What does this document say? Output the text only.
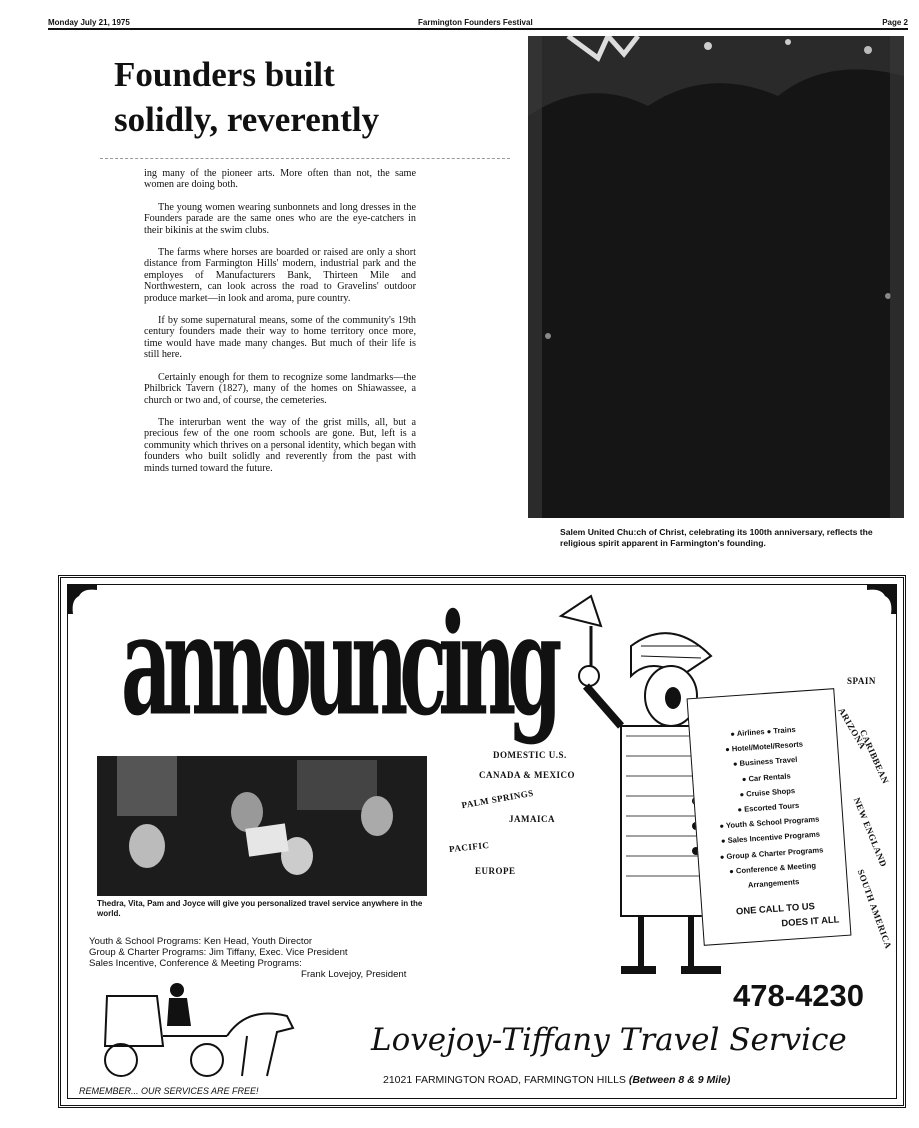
Monday July 21, 1975	Farmington Founders Festival	Page 2
Founders built
solidly, reverently

ing many of the pioneer arts. More often than not, the same women are doing both.

The young women wearing sunbonnets and long dresses in the Founders parade are the same ones who are the eye-catchers in their bikinis at the swim clubs.

The farms where horses are boarded or raised are only a short distance from Farmington Hills' modern, industrial park and the employes of Manufacturers Bank, Thirteen Mile and Northwestern, can look across the road to Gravelins' outdoor produce market—in look and aroma, pure country.

If by some supernatural means, some of the community's 19th century founders made their way to home territory once more, time would have made many changes. But much of their life is still here.

Certainly enough for them to recognize some landmarks—the Philbrick Tavern (1827), many of the homes on Shiawassee, a church or two and, of course, the cemeteries.

The interurban went the way of the grist mills, all, but a precious few of the one room schools are gone. But, left is a community which thrives on a personal identity, which began with founders who built solidly and reverently from the past with minds turned toward the future.

Salem United Chu:ch of Christ, celebrating its 100th anniversary, reflects the religious spirit apparent in Farmington's founding.
announcing
Thedra, Vita, Pam and Joyce will give you personalized travel service anywhere in the world.
Youth & School Programs: Ken Head, Youth Director
Group & Charter Programs: Jim Tiffany, Exec. Vice President
Sales Incentive, Conference & Meeting Programs:
Frank Lovejoy, President
DOMESTIC U.S.
CANADA & MEXICO
PALM SPRINGS
JAMAICA
PACIFIC
EUROPE
● Airlines ● Trains
● Hotel/Motel/Resorts
● Business Travel
● Car Rentals
● Cruise Shops
● Escorted Tours
● Youth & School Programs
● Sales Incentive Programs
● Group & Charter Programs
● Conference & Meeting
Arrangements
ONE CALL TO US
DOES IT ALL
SPAIN
ARIZONA
CARIBBEAN
NEW ENGLAND
SOUTH AMERICA
478-4230
Lovejoy-Tiffany Travel Service
21021 FARMINGTON ROAD, FARMINGTON HILLS (Between 8 & 9 Mile)
REMEMBER... OUR SERVICES ARE FREE!
